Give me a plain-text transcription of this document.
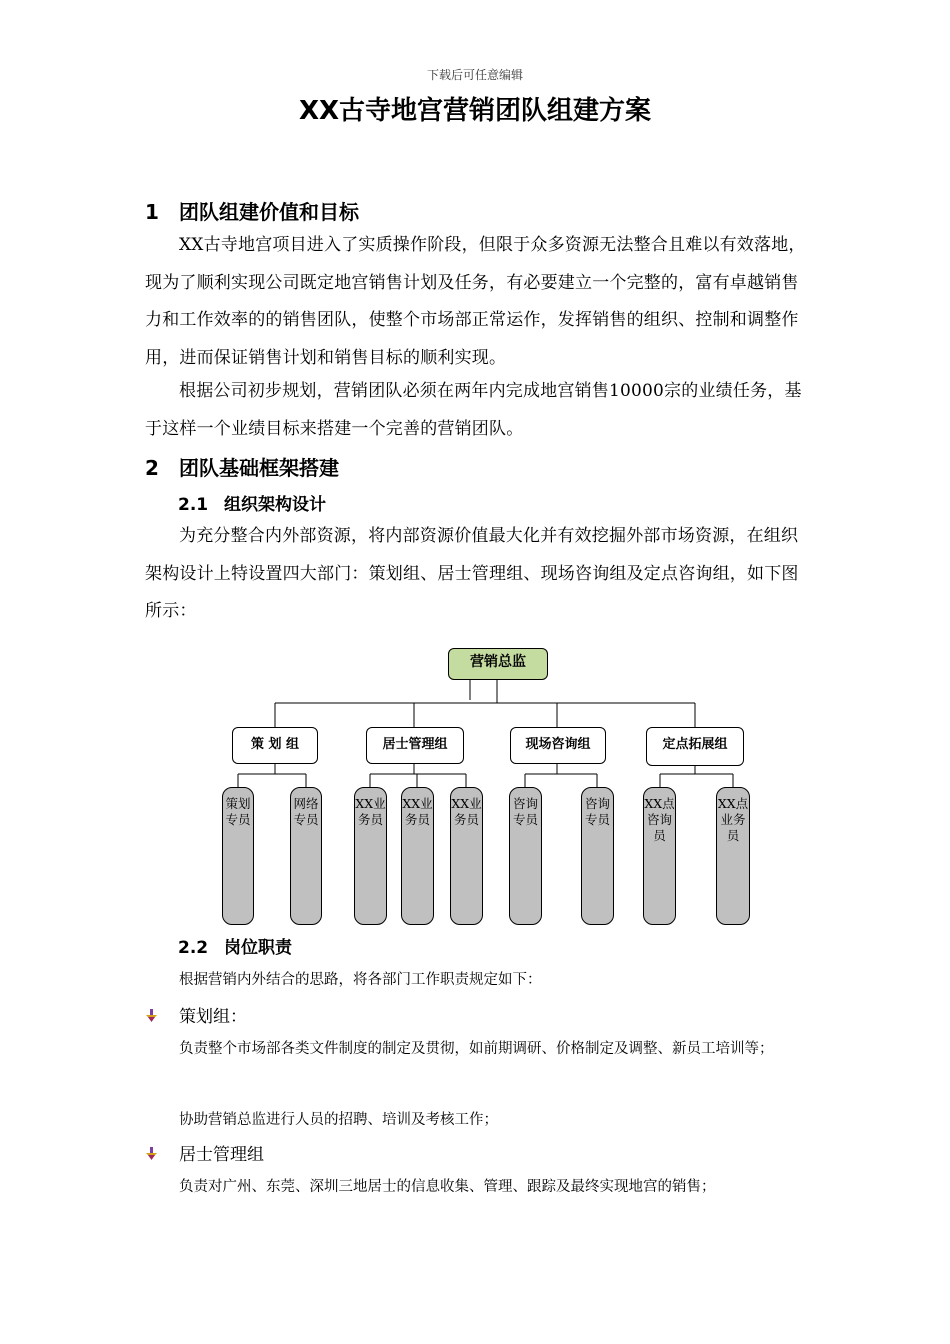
下载后可任意编辑
XX古寺地宫营销团队组建方案
1 团队组建价值和目标
XX古寺地宫项目进入了实质操作阶段，但限于众多资源无法整合且难以有效落地，现为了顺利实现公司既定地宫销售计划及任务，有必要建立一个完整的，富有卓越销售力和工作效率的的销售团队，使整个市场部正常运作，发挥销售的组织、控制和调整作用，进而保证销售计划和销售目标的顺利实现。
根据公司初步规划，营销团队必须在两年内完成地宫销售10000宗的业绩任务，基于这样一个业绩目标来搭建一个完善的营销团队。
2 团队基础框架搭建
2.1 组织架构设计
为充分整合内外部资源，将内部资源价值最大化并有效挖掘外部市场资源，在组织架构设计上特设置四大部门：策划组、居士管理组、现场咨询组及定点咨询组，如下图所示：
营销总监
策 划 组	居士管理组	现场咨询组	定点拓展组
策划专员
网络专员
XX业务员
XX业务员
XX业务员
咨询专员
咨询专员
XX点咨询员
XX点业务员
2.2 岗位职责
根据营销内外结合的思路，将各部门工作职责规定如下：
策划组：
负责整个市场部各类文件制度的制定及贯彻，如前期调研、价格制定及调整、新员工培训等；
协助营销总监进行人员的招聘、培训及考核工作；
居士管理组
负责对广州、东莞、深圳三地居士的信息收集、管理、跟踪及最终实现地宫的销售；
